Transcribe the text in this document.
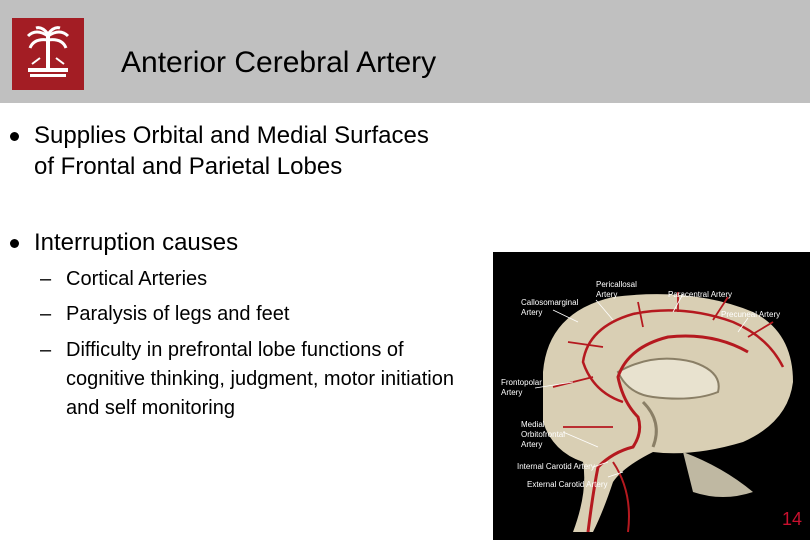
Anterior Cerebral Artery
Supplies Orbital and Medial Surfaces of Frontal and Parietal Lobes
Interruption causes
– Cortical Arteries
– Paralysis of legs and feet
– Difficulty in prefrontal lobe functions of cognitive thinking, judgment, motor initiation and self monitoring
Pericallosal
Artery
Callosomarginal
Artery
Paracentral Artery
Precuneal Artery
Frontopolar
Artery
Medial
Orbitofrontal
Artery
Internal Carotid Artery
External Carotid Artery
14
